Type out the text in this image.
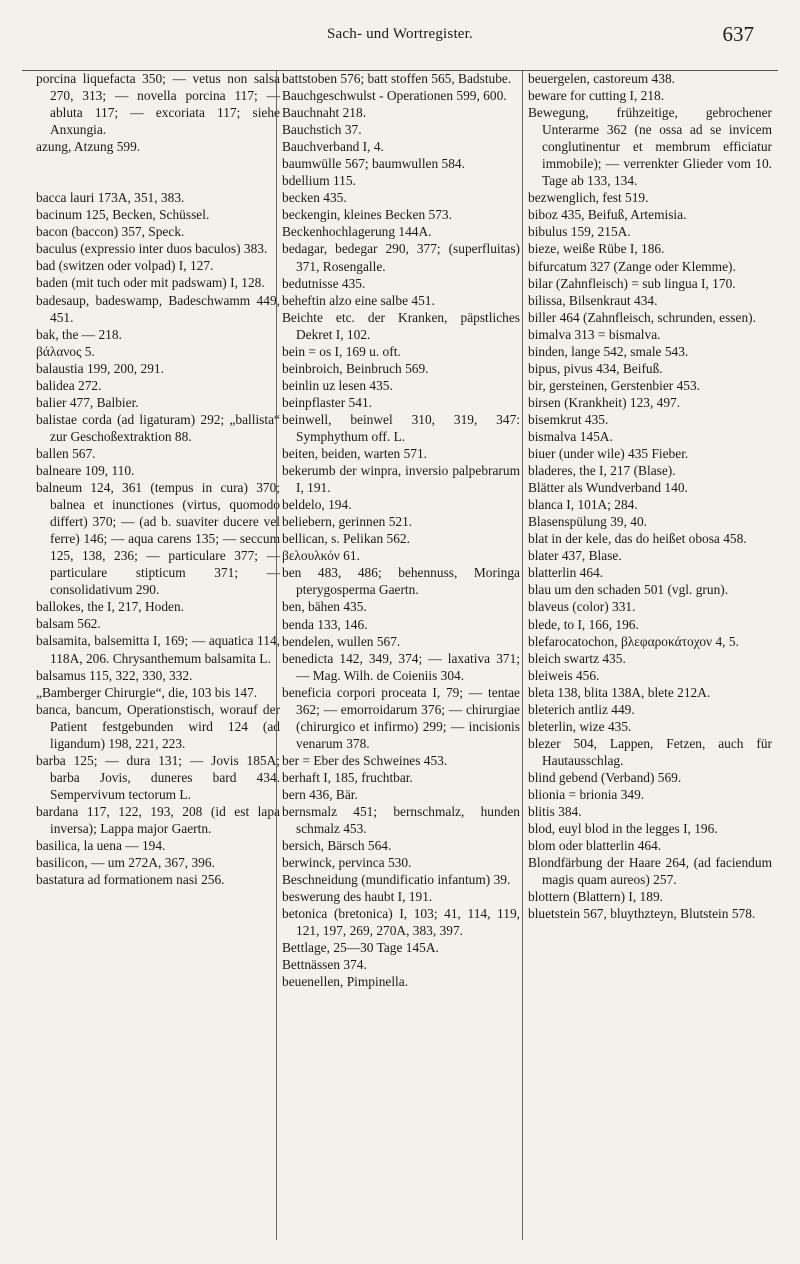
Sach- und Wortregister.	637

porcina liquefacta 350; — vetus non salsa 270, 313; — novella porcina 117; — abluta 117; — excoriata 117; siehe Anxungia.

azung, Atzung 599.

bacca lauri 173A, 351, 383.

bacinum 125, Becken, Schüssel.

bacon (baccon) 357, Speck.

baculus (expressio inter duos baculos) 383.

bad (switzen oder volpad) I, 127.

baden (mit tuch oder mit padswam) I, 128.

badesaup, badeswamp, Badeschwamm 449, 451.

bak, the — 218.

βάλανος 5.

balaustia 199, 200, 291.

balidea 272.

balier 477, Balbier.

balistae corda (ad ligaturam) 292; „ballista“ zur Geschoßextraktion 88.

ballen 567.

balneare 109, 110.

balneum 124, 361 (tempus in cura) 370; balnea et inunctiones (virtus, quomodo differt) 370; — (ad b. suaviter ducere vel ferre) 146; — aqua carens 135; — seccum 125, 138, 236; — particulare 377; — particulare stipticum 371; — consolidativum 290.

ballokes, the I, 217, Hoden.

balsam 562.

balsamita, balsemitta I, 169; — aquatica 114, 118A, 206. Chrysanthemum balsamita L.

balsamus 115, 322, 330, 332.

„Bamberger Chirurgie“, die, 103 bis 147.

banca, bancum, Operationstisch, worauf der Patient festgebunden wird 124 (ad ligandum) 198, 221, 223.

barba 125; — dura 131; — Jovis 185A; barba Jovis, duneres bard 434. Sempervivum tectorum L.

bardana 117, 122, 193, 208 (id est lapa inversa); Lappa major Gaertn.

basilica, la uena — 194.

basilicon, — um 272A, 367, 396.

bastatura ad formationem nasi 256.

battstoben 576; batt stoffen 565, Badstube.

Bauchgeschwulst - Operationen 599, 600.

Bauchnaht 218.

Bauchstich 37.

Bauchverband I, 4.

baumwülle 567; baumwullen 584.

bdellium 115.

becken 435.

beckengin, kleines Becken 573.

Beckenhochlagerung 144A.

bedagar, bedegar 290, 377; (superfluitas) 371, Rosengalle.

bedutnisse 435.

beheftin alzo eine salbe 451.

Beichte etc. der Kranken, päpstliches Dekret I, 102.

bein = os I, 169 u. oft.

beinbroich, Beinbruch 569.

beinlin uz lesen 435.

beinpflaster 541.

beinwell, beinwel 310, 319, 347: Symphythum off. L.

beiten, beiden, warten 571.

bekerumb der winpra, inversio palpebrarum I, 191.

beldelo, 194.

beliebern, gerinnen 521.

bellican, s. Pelikan 562.

βελουλκόν 61.

ben 483, 486; behennuss, Moringa pterygosperma Gaertn.

ben, bähen 435.

benda 133, 146.

bendelen, wullen 567.

benedicta 142, 349, 374; — laxativa 371; — Mag. Wilh. de Coieniis 304.

beneficia corpori proceata I, 79; — tentae 362; — emorroidarum 376; — chirurgiae (chirurgico et infirmo) 299; — incisionis venarum 378.

ber = Eber des Schweines 453.

berhaft I, 185, fruchtbar.

bern 436, Bär.

bernsmalz 451; bernschmalz, hunden schmalz 453.

bersich, Bärsch 564.

berwinck, pervinca 530.

Beschneidung (mundificatio infantum) 39.

beswerung des haubt I, 191.

betonica (bretonica) I, 103; 41, 114, 119, 121, 197, 269, 270A, 383, 397.

Bettlage, 25—30 Tage 145A.

Bettnässen 374.

beuenellen, Pimpinella.

beuergelen, castoreum 438.

beware for cutting I, 218.

Bewegung, frühzeitige, gebrochener Unterarme 362 (ne ossa ad se invicem conglutinentur et membrum efficiatur immobile); — verrenkter Glieder vom 10. Tage ab 133, 134.

bezwenglich, fest 519.

biboz 435, Beifuß, Artemisia.

bibulus 159, 215A.

bieze, weiße Rübe I, 186.

bifurcatum 327 (Zange oder Klemme).

bilar (Zahnfleisch) = sub lingua I, 170.

bilissa, Bilsenkraut 434.

biller 464 (Zahnfleisch, schrunden, essen).

bimalva 313 = bismalva.

binden, lange 542, smale 543.

bipus, pivus 434, Beifuß.

bir, gersteinen, Gerstenbier 453.

birsen (Krankheit) 123, 497.

bisemkrut 435.

bismalva 145A.

biuer (under wile) 435 Fieber.

bladeres, the I, 217 (Blase).

Blätter als Wundverband 140.

blanca I, 101A; 284.

Blasenspülung 39, 40.

blat in der kele, das do heißet obosa 458.

blater 437, Blase.

blatterlin 464.

blau um den schaden 501 (vgl. grun).

blaveus (color) 331.

blede, to I, 166, 196.

blefarocatochon, βλεφαροκάτοχον 4, 5.

bleich swartz 435.

bleiweis 456.

bleta 138, blita 138A, blete 212A.

bleterich antliz 449.

bleterlin, wize 435.

blezer 504, Lappen, Fetzen, auch für Hautausschlag.

blind gebend (Verband) 569.

blionia = brionia 349.

blitis 384.

blod, euyl blod in the legges I, 196.

blom oder blatterlin 464.

Blondfärbung der Haare 264, (ad faciendum magis quam aureos) 257.

blottern (Blattern) I, 189.

bluetstein 567, bluythzteyn, Blutstein 578.
